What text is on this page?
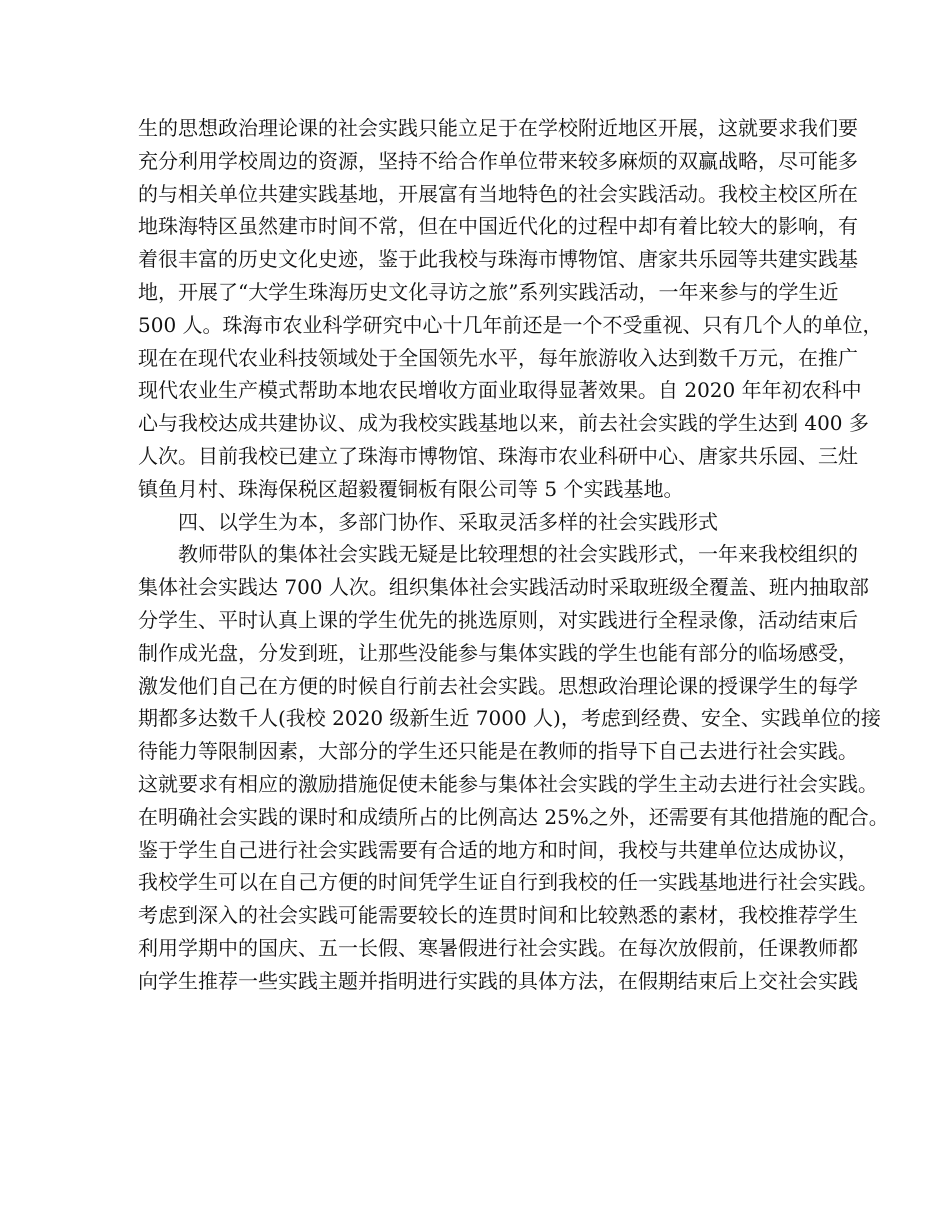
生的思想政治理论课的社会实践只能立足于在学校附近地区开展，这就要求我们要
充分利用学校周边的资源，坚持不给合作单位带来较多麻烦的双赢战略，尽可能多
的与相关单位共建实践基地，开展富有当地特色的社会实践活动。我校主校区所在
地珠海特区虽然建市时间不常，但在中国近代化的过程中却有着比较大的影响，有
着很丰富的历史文化史迹，鉴于此我校与珠海市博物馆、唐家共乐园等共建实践基
地，开展了“大学生珠海历史文化寻访之旅”系列实践活动，一年来参与的学生近
500 人。珠海市农业科学研究中心十几年前还是一个不受重视、只有几个人的单位，
现在在现代农业科技领域处于全国领先水平，每年旅游收入达到数千万元，在推广
现代农业生产模式帮助本地农民增收方面业取得显著效果。自 2020 年年初农科中
心与我校达成共建协议、成为我校实践基地以来，前去社会实践的学生达到 400 多
人次。目前我校已建立了珠海市博物馆、珠海市农业科研中心、唐家共乐园、三灶
镇鱼月村、珠海保税区超毅覆铜板有限公司等 5 个实践基地。
四、以学生为本，多部门协作、采取灵活多样的社会实践形式
教师带队的集体社会实践无疑是比较理想的社会实践形式，一年来我校组织的
集体社会实践达 700 人次。组织集体社会实践活动时采取班级全覆盖、班内抽取部
分学生、平时认真上课的学生优先的挑选原则，对实践进行全程录像，活动结束后
制作成光盘，分发到班，让那些没能参与集体实践的学生也能有部分的临场感受，
激发他们自己在方便的时候自行前去社会实践。思想政治理论课的授课学生的每学
期都多达数千人(我校 2020 级新生近 7000 人)，考虑到经费、安全、实践单位的接
待能力等限制因素，大部分的学生还只能是在教师的指导下自己去进行社会实践。
这就要求有相应的激励措施促使未能参与集体社会实践的学生主动去进行社会实践。
在明确社会实践的课时和成绩所占的比例高达 25%之外，还需要有其他措施的配合。
鉴于学生自己进行社会实践需要有合适的地方和时间，我校与共建单位达成协议，
我校学生可以在自己方便的时间凭学生证自行到我校的任一实践基地进行社会实践。
考虑到深入的社会实践可能需要较长的连贯时间和比较熟悉的素材，我校推荐学生
利用学期中的国庆、五一长假、寒暑假进行社会实践。在每次放假前，任课教师都
向学生推荐一些实践主题并指明进行实践的具体方法，在假期结束后上交社会实践
